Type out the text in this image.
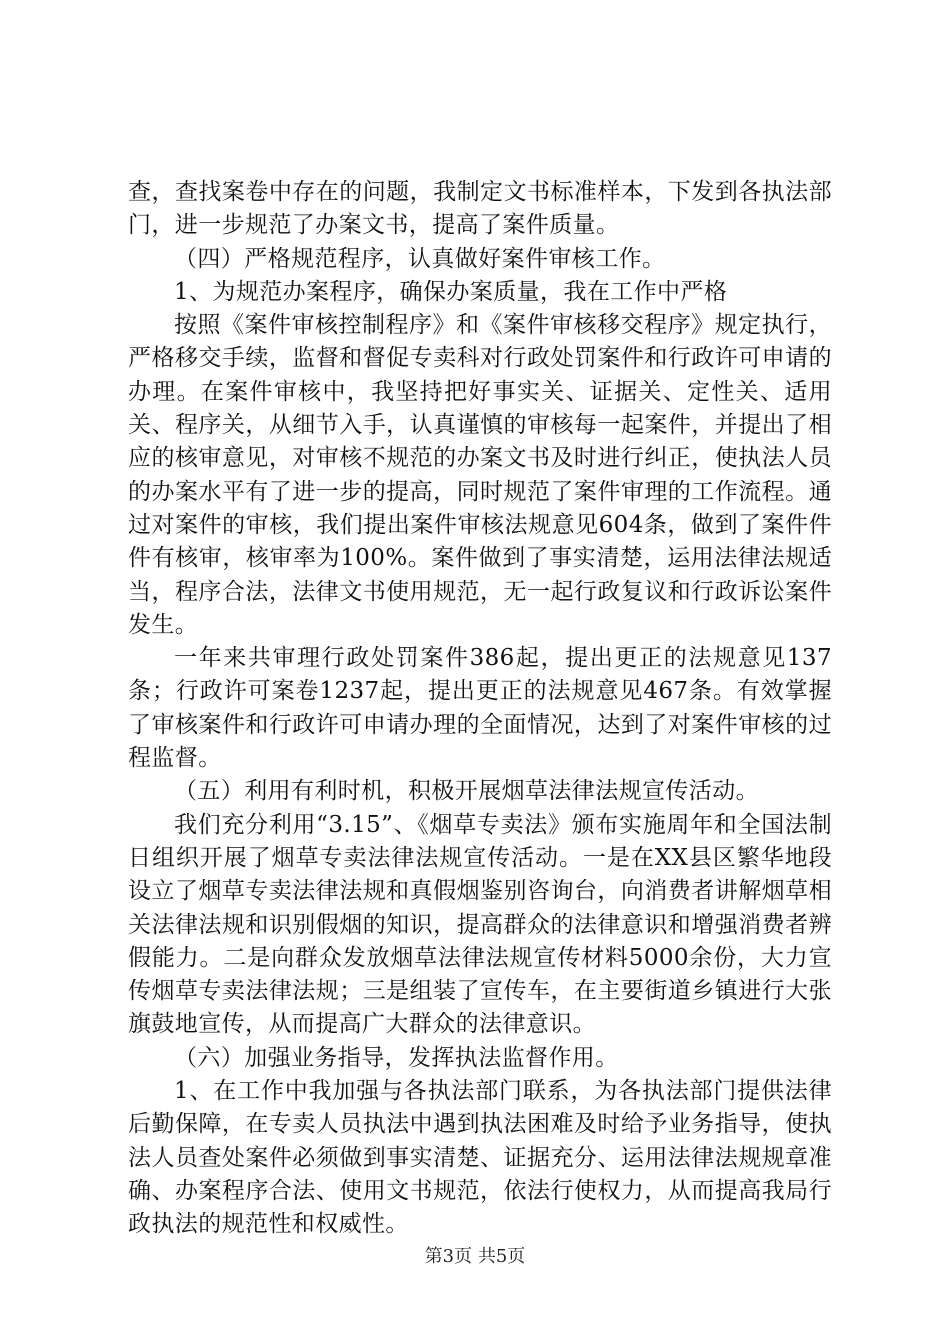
查，查找案卷中存在的问题，我制定文书标准样本，下发到各执法部门，进一步规范了办案文书，提高了案件质量。

（四）严格规范程序，认真做好案件审核工作。

1、为规范办案程序，确保办案质量，我在工作中严格

按照《案件审核控制程序》和《案件审核移交程序》规定执行，严格移交手续，监督和督促专卖科对行政处罚案件和行政许可申请的办理。在案件审核中，我坚持把好事实关、证据关、定性关、适用关、程序关，从细节入手，认真谨慎的审核每一起案件，并提出了相应的核审意见，对审核不规范的办案文书及时进行纠正，使执法人员的办案水平有了进一步的提高，同时规范了案件审理的工作流程。通过对案件的审核，我们提出案件审核法规意见604条，做到了案件件件有核审，核审率为100%。案件做到了事实清楚，运用法律法规适当，程序合法，法律文书使用规范，无一起行政复议和行政诉讼案件发生。

一年来共审理行政处罚案件386起，提出更正的法规意见137条；行政许可案卷1237起，提出更正的法规意见467条。有效掌握了审核案件和行政许可申请办理的全面情况，达到了对案件审核的过程监督。

（五）利用有利时机，积极开展烟草法律法规宣传活动。

我们充分利用“3.15”、《烟草专卖法》颁布实施周年和全国法制日组织开展了烟草专卖法律法规宣传活动。一是在XX县区繁华地段设立了烟草专卖法律法规和真假烟鉴别咨询台，向消费者讲解烟草相关法律法规和识别假烟的知识，提高群众的法律意识和增强消费者辨假能力。二是向群众发放烟草法律法规宣传材料5000余份，大力宣传烟草专卖法律法规；三是组装了宣传车，在主要街道乡镇进行大张旗鼓地宣传，从而提高广大群众的法律意识。

（六）加强业务指导，发挥执法监督作用。

1、在工作中我加强与各执法部门联系，为各执法部门提供法律后勤保障，在专卖人员执法中遇到执法困难及时给予业务指导，使执法人员查处案件必须做到事实清楚、证据充分、运用法律法规规章准确、办案程序合法、使用文书规范，依法行使权力，从而提高我局行政执法的规范性和权威性。

第3页 共5页
